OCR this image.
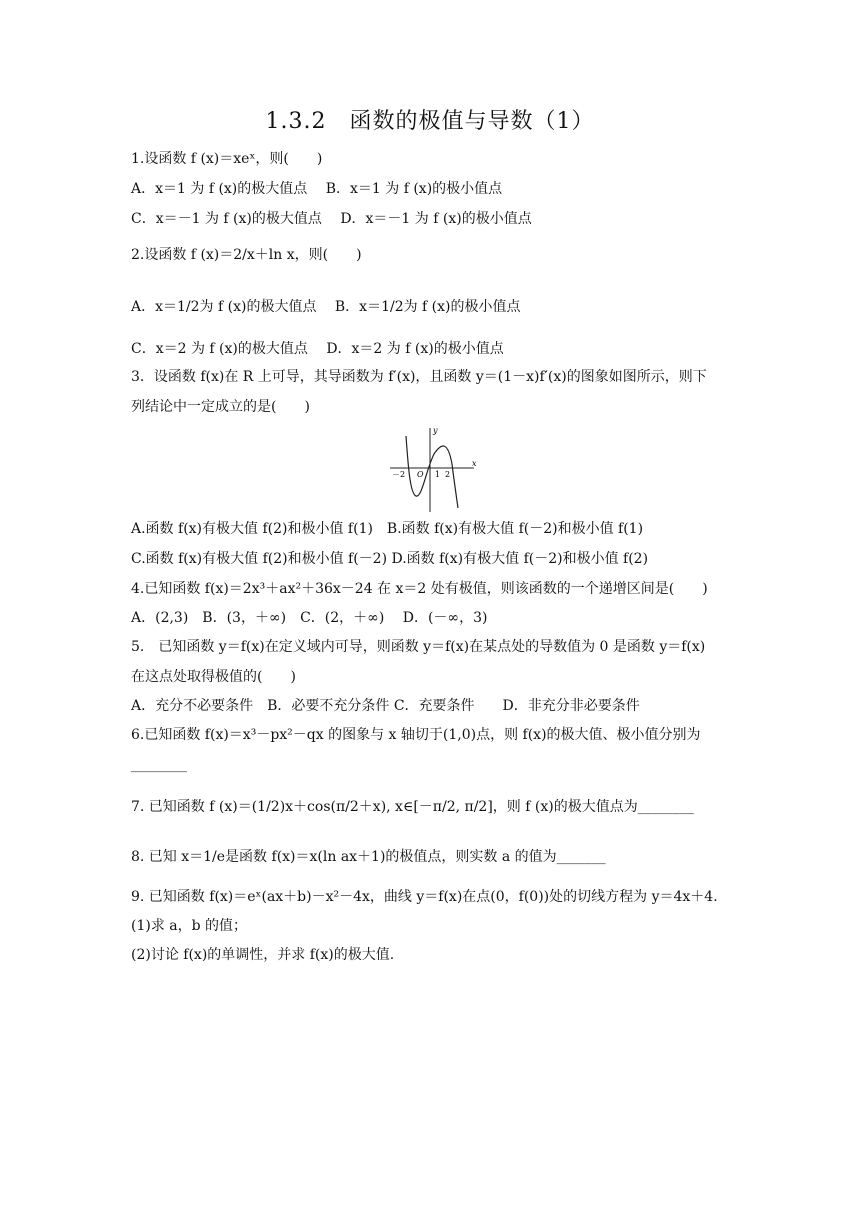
1.3.2　函数的极值与导数（1）
1.设函数 f (x)＝xeˣ，则(　　)
A．x＝1 为 f (x)的极大值点　 B．x＝1 为 f (x)的极小值点
C．x＝－1 为 f (x)的极大值点　 D．x＝－1 为 f (x)的极小值点
2.设函数 f (x)＝2/x＋ln x，则(　　)
A．x＝1/2为 f (x)的极大值点　 B．x＝1/2为 f (x)的极小值点
C．x＝2 为 f (x)的极大值点　 D．x＝2 为 f (x)的极小值点
3．设函数 f(x)在 R 上可导，其导函数为 f′(x)，且函数 y＝(1－x)f′(x)的图象如图所示，则下
列结论中一定成立的是(　　)
x
y
O
－2	1 2
A.函数 f(x)有极大值 f(2)和极小值 f(1)　B.函数 f(x)有极大值 f(－2)和极小值 f(1)
C.函数 f(x)有极大值 f(2)和极小值 f(－2) D.函数 f(x)有极大值 f(－2)和极小值 f(2)
4.已知函数 f(x)＝2x³＋ax²＋36x－24 在 x＝2 处有极值，则该函数的一个递增区间是(　　)
A．(2,3)　B．(3，＋∞)　C．(2，＋∞)　 D．(－∞，3)
5.　已知函数 y＝f(x)在定义域内可导，则函数 y＝f(x)在某点处的导数值为 0 是函数 y＝f(x)
在这点处取得极值的(　　)
A．充分不必要条件　B．必要不充分条件 C．充要条件　　D．非充分非必要条件
6.已知函数 f(x)＝x³－px²－qx 的图象与 x 轴切于(1,0)点，则 f(x)的极大值、极小值分别为
________
7. 已知函数 f (x)＝(1/2)x＋cos(π/2＋x), x∈[－π/2, π/2]，则 f (x)的极大值点为________
8. 已知 x＝1/e是函数 f(x)＝x(ln ax＋1)的极值点，则实数 a 的值为_______
9. 已知函数 f(x)＝eˣ(ax＋b)－x²－4x，曲线 y＝f(x)在点(0，f(0))处的切线方程为 y＝4x＋4.
(1)求 a，b 的值；
(2)讨论 f(x)的单调性，并求 f(x)的极大值.
